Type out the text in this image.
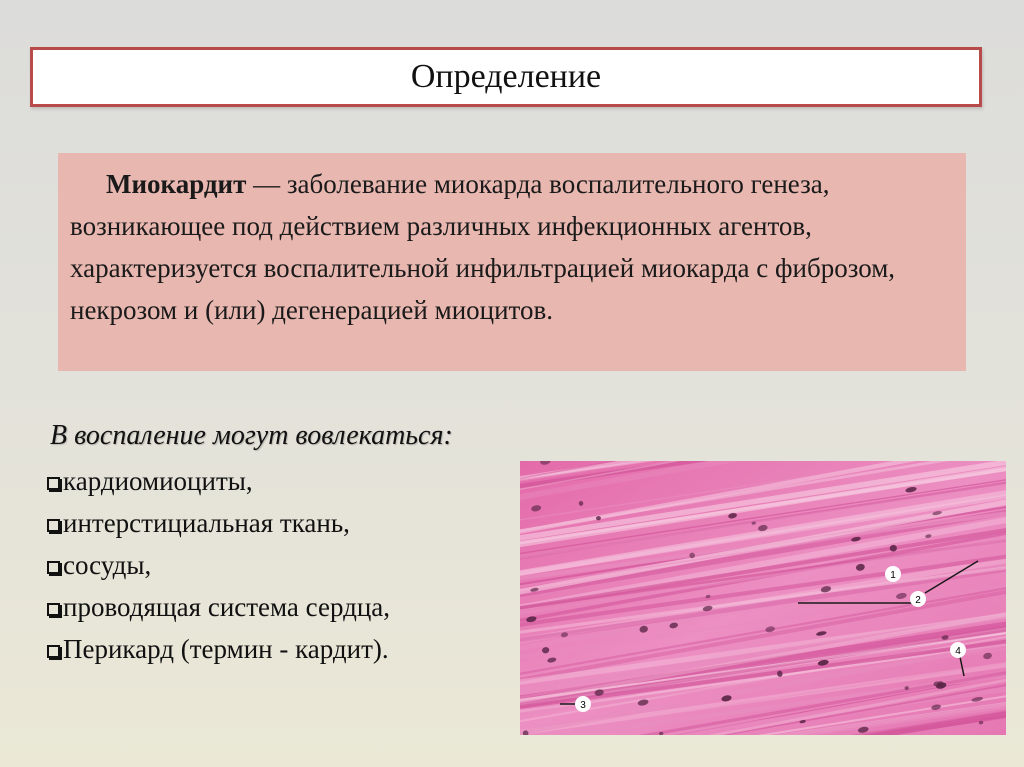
Определение
Миокардит — заболевание миокарда воспалительного генеза, возникающее под действием различных инфекционных агентов, характеризуется воспалительной инфильтрацией миокарда с фиброзом, некрозом и (или) дегенерацией миоцитов.
В воспаление могут вовлекаться:
кардиомиоциты,
интерстициальная ткань,
сосуды,
проводящая система сердца,
Перикард (термин - кардит).
1
2
3
4
